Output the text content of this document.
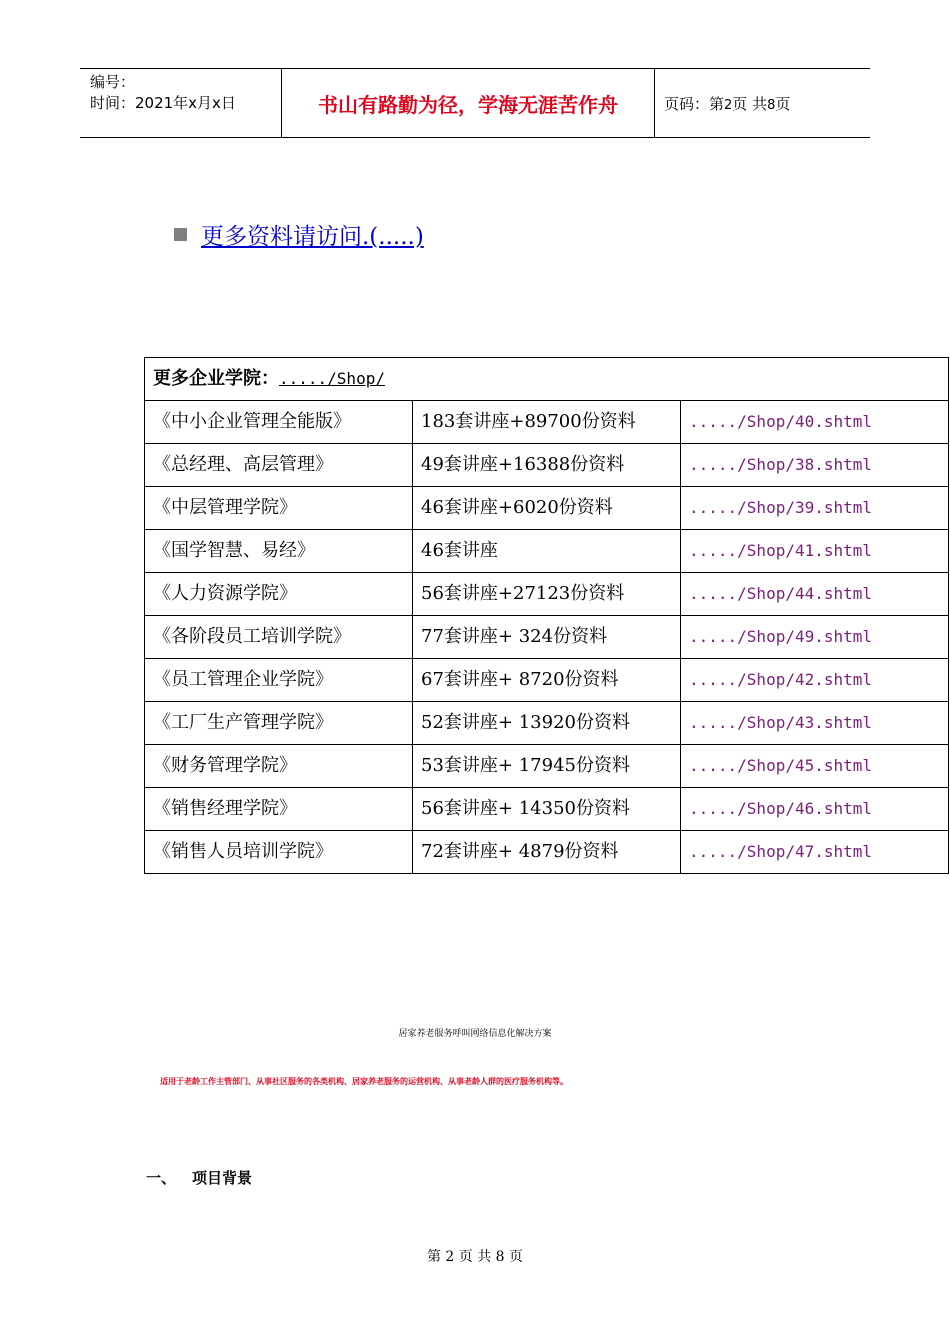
编号：
时间：2021年x月x日	书山有路勤为径，学海无涯苦作舟	页码：第2页 共8页
更多资料请访问.(.....)
更多企业学院：...../Shop/		
《中小企业管理全能版》	183套讲座+89700份资料	...../Shop/40.shtml
《总经理、高层管理》	49套讲座+16388份资料	...../Shop/38.shtml
《中层管理学院》	46套讲座+6020份资料	...../Shop/39.shtml
《国学智慧、易经》	46套讲座	...../Shop/41.shtml
《人力资源学院》	56套讲座+27123份资料	...../Shop/44.shtml
《各阶段员工培训学院》	77套讲座+ 324份资料	...../Shop/49.shtml
《员工管理企业学院》	67套讲座+ 8720份资料	...../Shop/42.shtml
《工厂生产管理学院》	52套讲座+ 13920份资料	...../Shop/43.shtml
《财务管理学院》	53套讲座+ 17945份资料	...../Shop/45.shtml
《销售经理学院》	56套讲座+ 14350份资料	...../Shop/46.shtml
《销售人员培训学院》	72套讲座+ 4879份资料	...../Shop/47.shtml
居家养老服务呼叫网络信息化解决方案
适用于老龄工作主管部门、从事社区服务的各类机构、居家养老服务的运营机构、从事老龄人群的医疗服务机构等。
一、 项目背景
第 2 页 共 8 页
